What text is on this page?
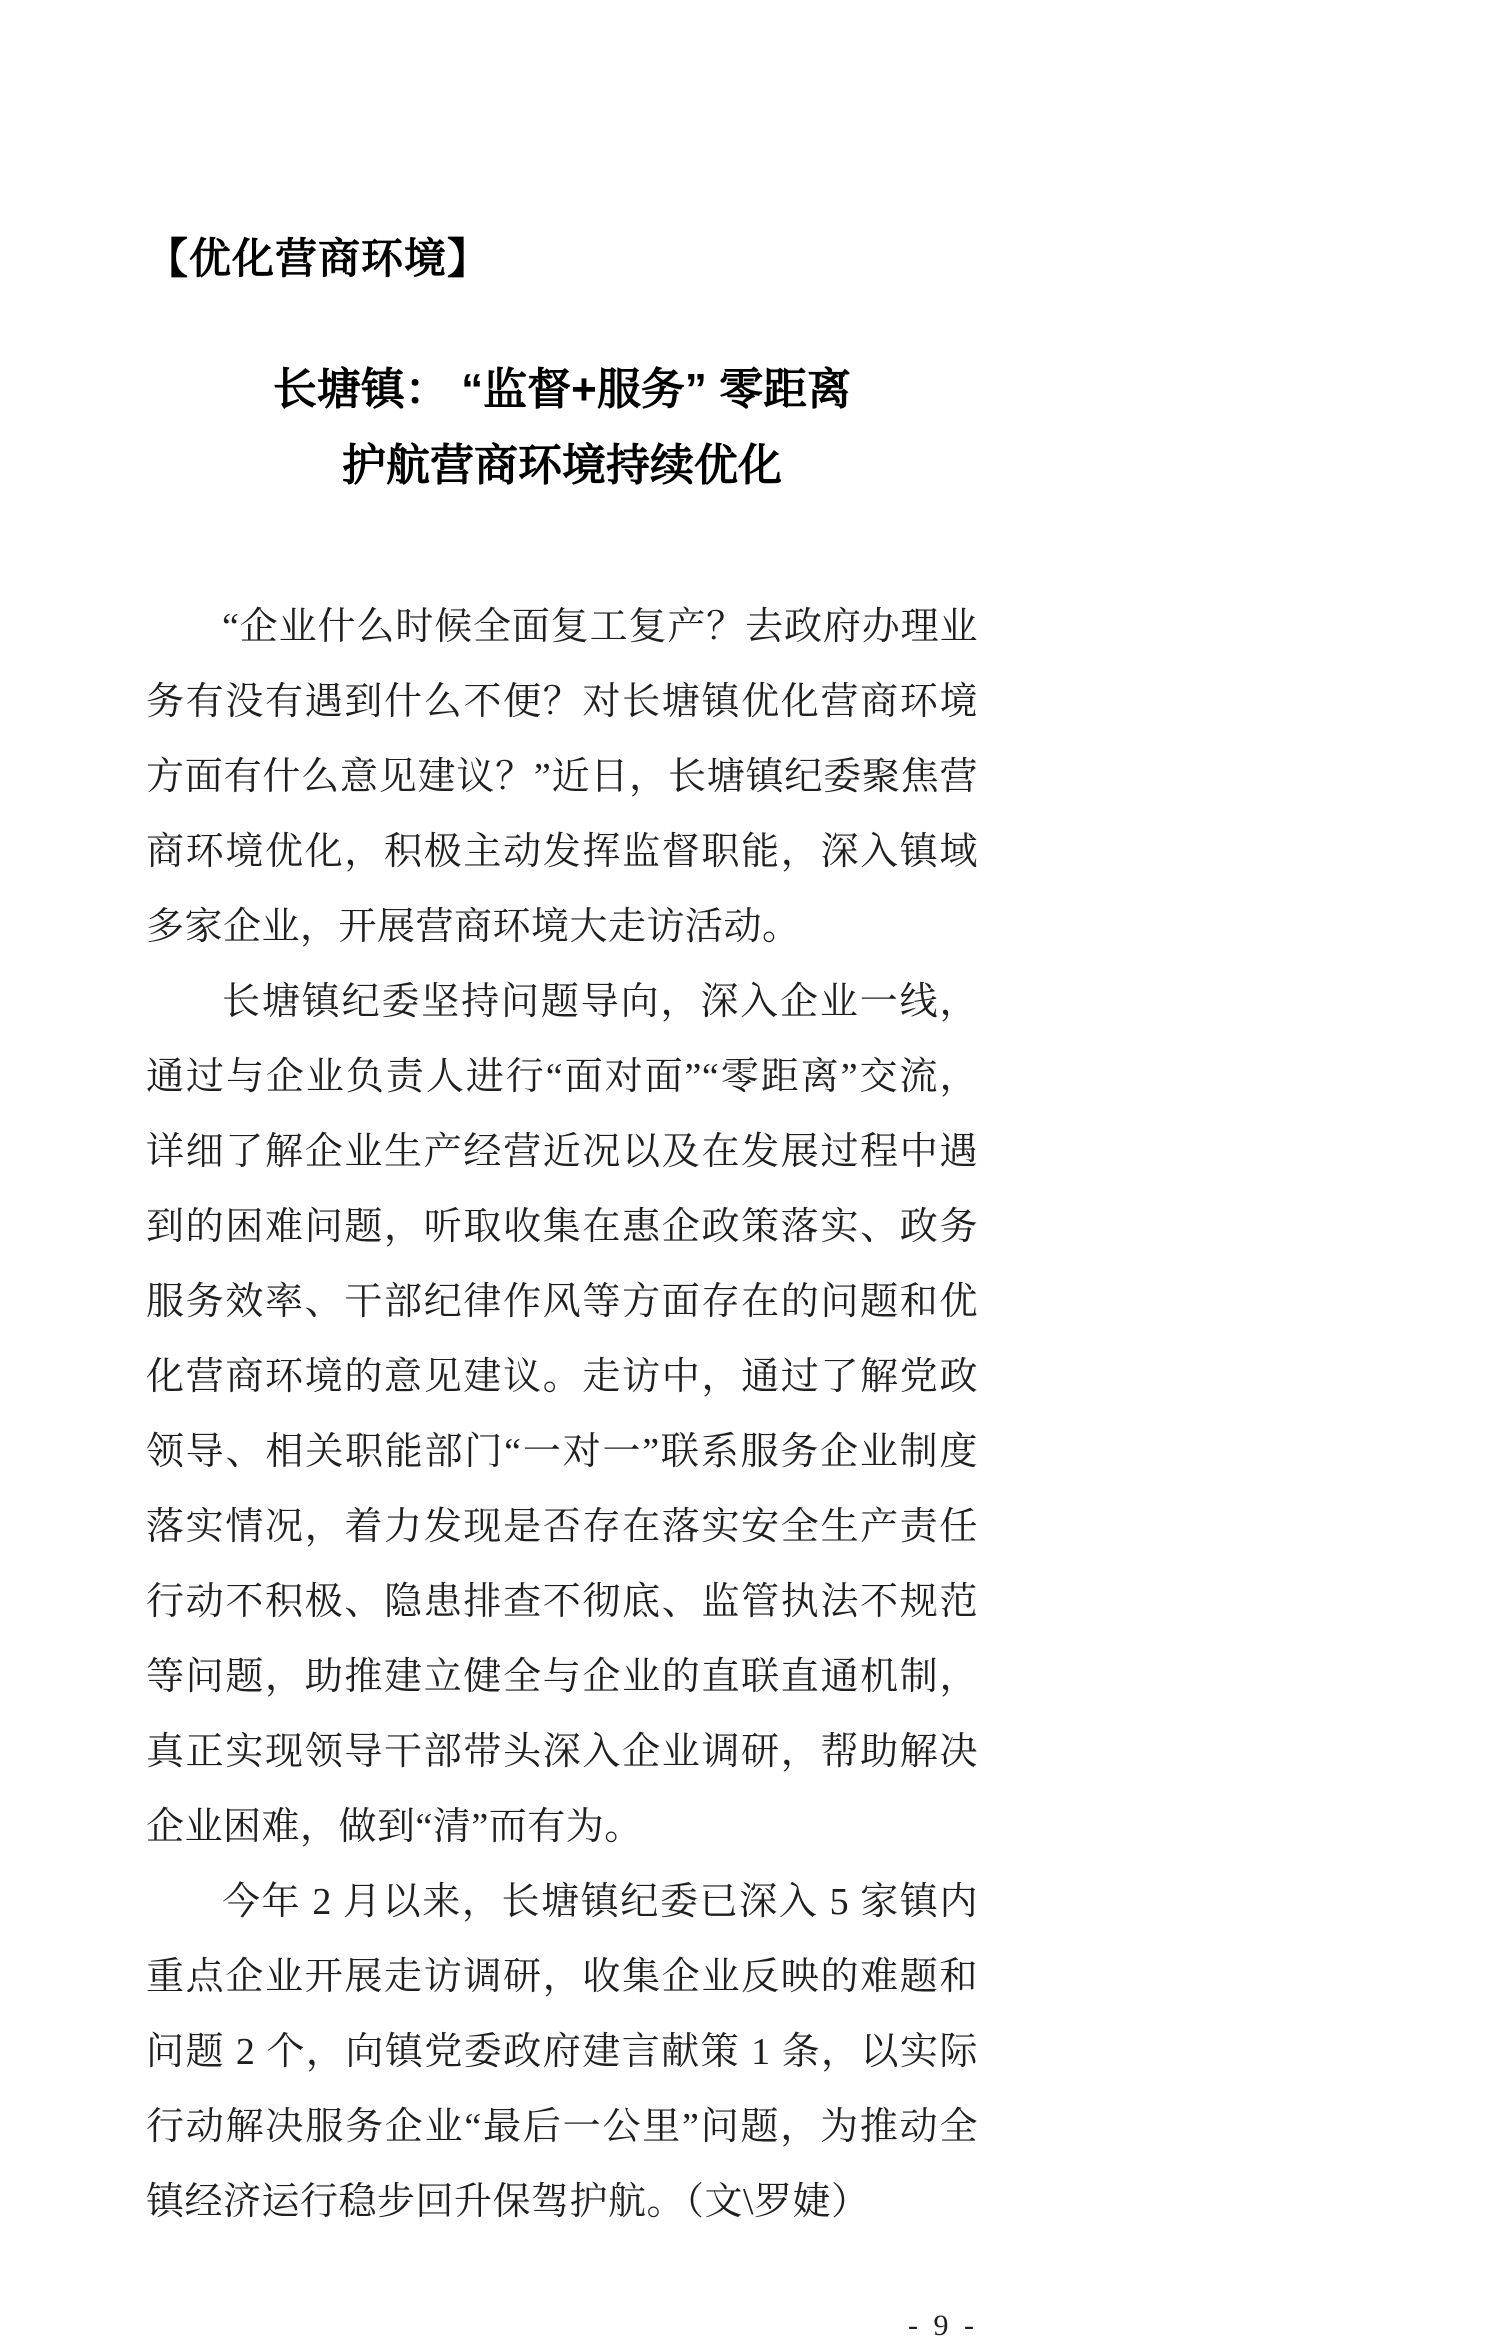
【优化营商环境】
长塘镇： “监督+服务” 零距离
护航营商环境持续优化

“企业什么时候全面复工复产？去政府办理业务有没有遇到什么不便？对长塘镇优化营商环境方面有什么意见建议？”近日，长塘镇纪委聚焦营商环境优化，积极主动发挥监督职能，深入镇域多家企业，开展营商环境大走访活动。

长塘镇纪委坚持问题导向，深入企业一线，通过与企业负责人进行“面对面”“零距离”交流，详细了解企业生产经营近况以及在发展过程中遇到的困难问题，听取收集在惠企政策落实、政务服务效率、干部纪律作风等方面存在的问题和优化营商环境的意见建议。走访中，通过了解党政领导、相关职能部门“一对一”联系服务企业制度落实情况，着力发现是否存在落实安全生产责任行动不积极、隐患排查不彻底、监管执法不规范等问题，助推建立健全与企业的直联直通机制，真正实现领导干部带头深入企业调研，帮助解决企业困难，做到“清”而有为。

今年 2 月以来，长塘镇纪委已深入 5 家镇内重点企业开展走访调研，收集企业反映的难题和问题 2 个，向镇党委政府建言献策 1 条，以实际行动解决服务企业“最后一公里”问题，为推动全镇经济运行稳步回升保驾护航。（文\罗婕）

- 9 -
